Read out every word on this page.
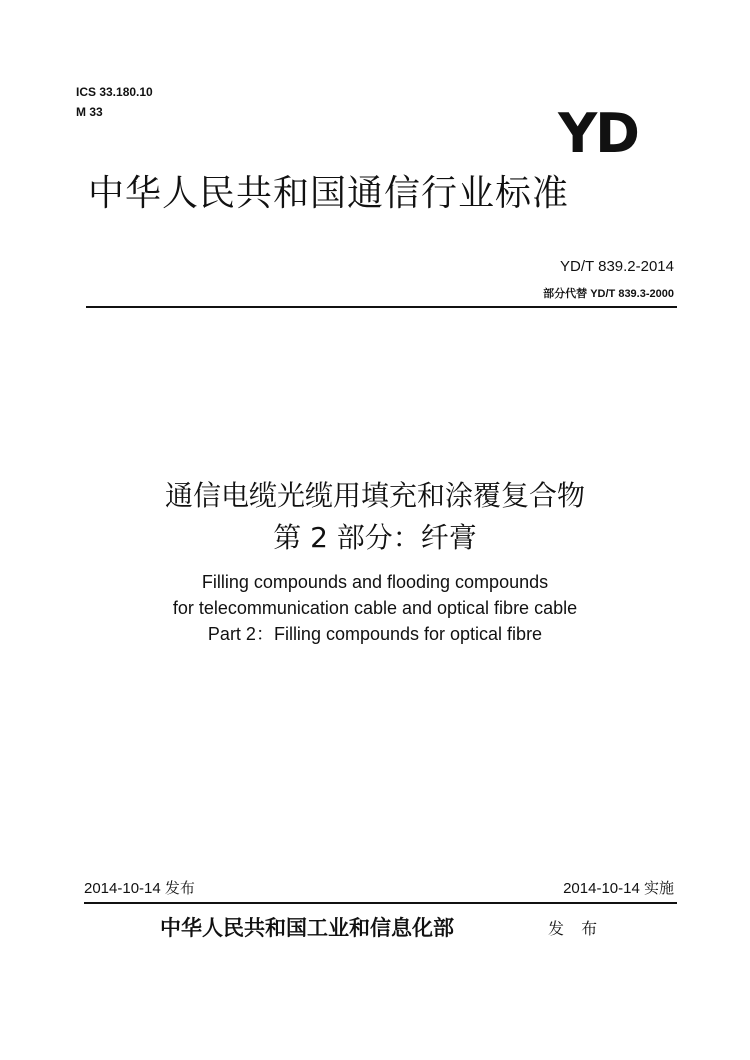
ICS 33.180.10
M 33	YD
中华人民共和国通信行业标准
YD/T 839.2-2014
部分代替 YD/T 839.3-2000
通信电缆光缆用填充和涂覆复合物
第 2 部分：纤膏
Filling compounds and flooding compounds
for telecommunication cable and optical fibre cable
Part 2：Filling compounds for optical fibre
2014-10-14 发布	2014-10-14 实施
中华人民共和国工业和信息化部	发 布
